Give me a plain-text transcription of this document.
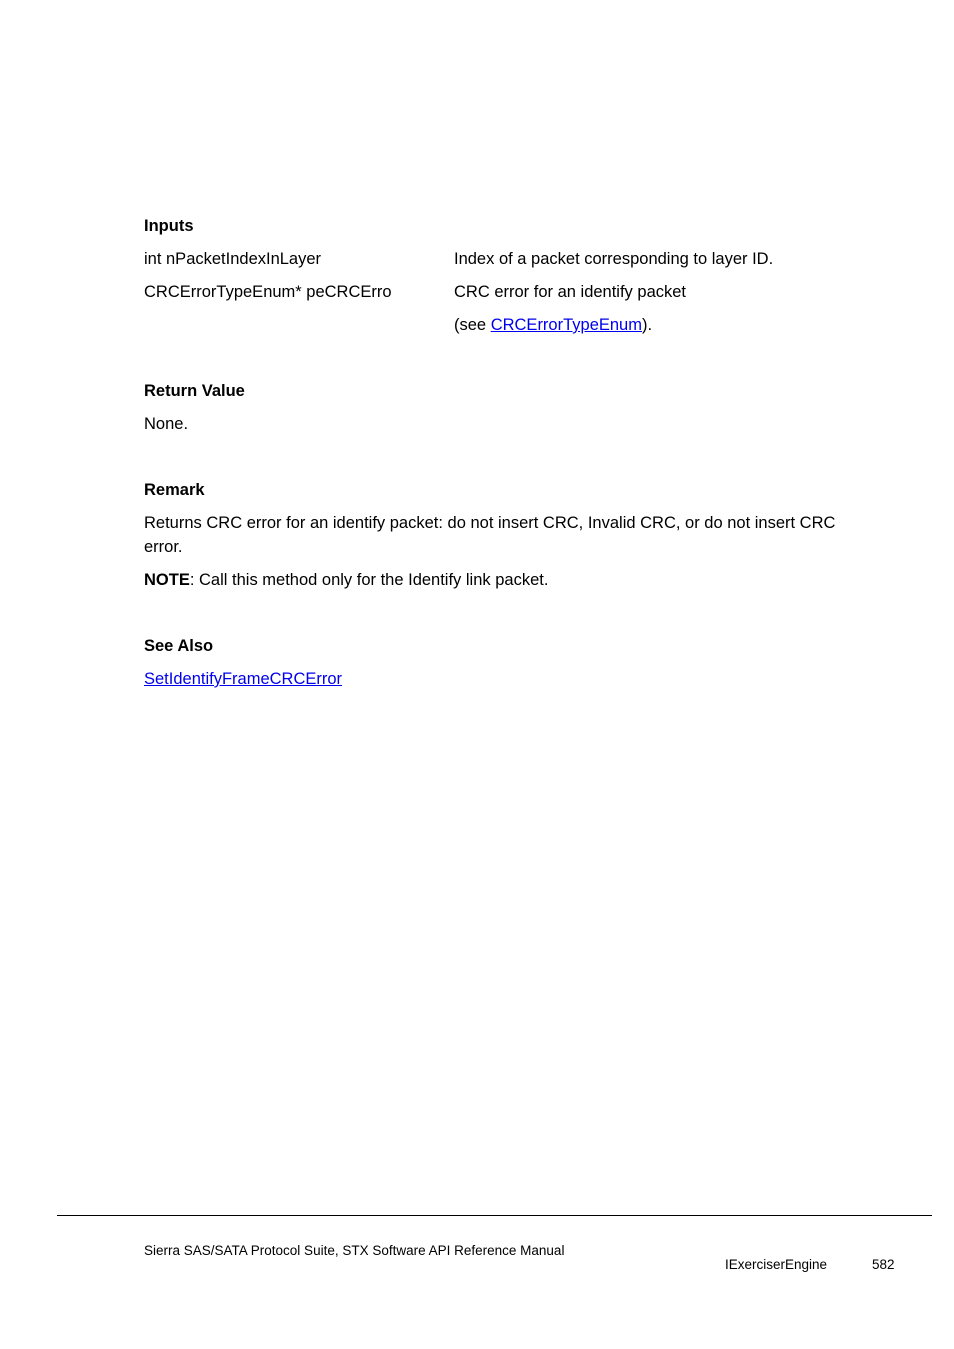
Inputs
int nPacketIndexInLayer	Index of a packet corresponding to layer ID.
CRCErrorTypeEnum* peCRCErro	CRC error for an identify packet
(see CRCErrorTypeEnum).
Return Value
None.
Remark
Returns CRC error for an identify packet: do not insert CRC, Invalid CRC, or do not insert CRC
error.
NOTE: Call this method only for the Identify link packet.
See Also
SetIdentifyFrameCRCError
Sierra SAS/SATA Protocol Suite, STX Software API Reference Manual
IExerciserEngine	582
